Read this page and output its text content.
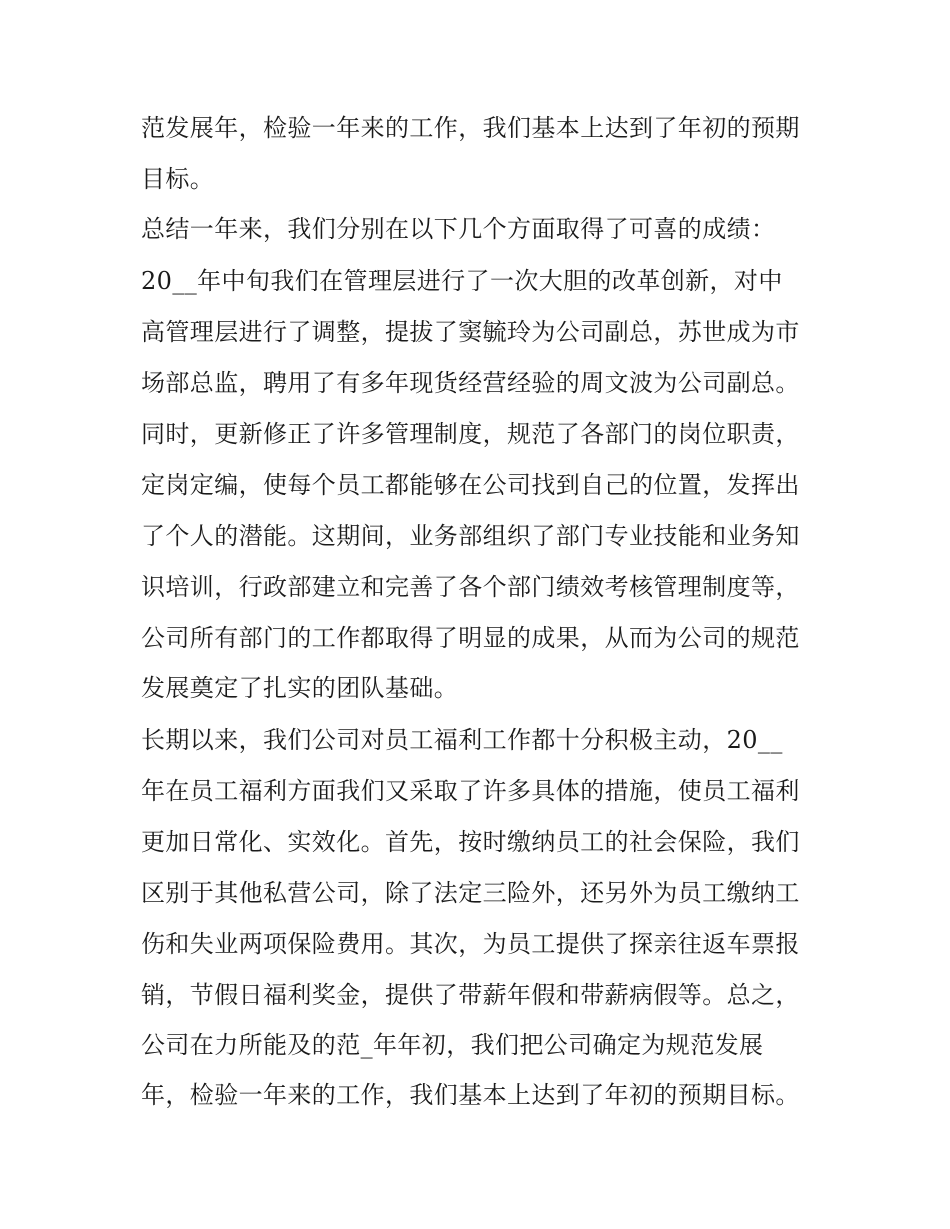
范发展年，检验一年来的工作，我们基本上达到了年初的预期
目标。
总结一年来，我们分别在以下几个方面取得了可喜的成绩：
20__年中旬我们在管理层进行了一次大胆的改革创新，对中
高管理层进行了调整，提拔了窦毓玲为公司副总，苏世成为市
场部总监，聘用了有多年现货经营经验的周文波为公司副总。
同时，更新修正了许多管理制度，规范了各部门的岗位职责，
定岗定编，使每个员工都能够在公司找到自己的位置，发挥出
了个人的潜能。这期间，业务部组织了部门专业技能和业务知
识培训，行政部建立和完善了各个部门绩效考核管理制度等，
公司所有部门的工作都取得了明显的成果，从而为公司的规范
发展奠定了扎实的团队基础。
长期以来，我们公司对员工福利工作都十分积极主动，20__
年在员工福利方面我们又采取了许多具体的措施，使员工福利
更加日常化、实效化。首先，按时缴纳员工的社会保险，我们
区别于其他私营公司，除了法定三险外，还另外为员工缴纳工
伤和失业两项保险费用。其次，为员工提供了探亲往返车票报
销，节假日福利奖金，提供了带薪年假和带薪病假等。总之，
公司在力所能及的范_年年初，我们把公司确定为规范发展
年，检验一年来的工作，我们基本上达到了年初的预期目标。
